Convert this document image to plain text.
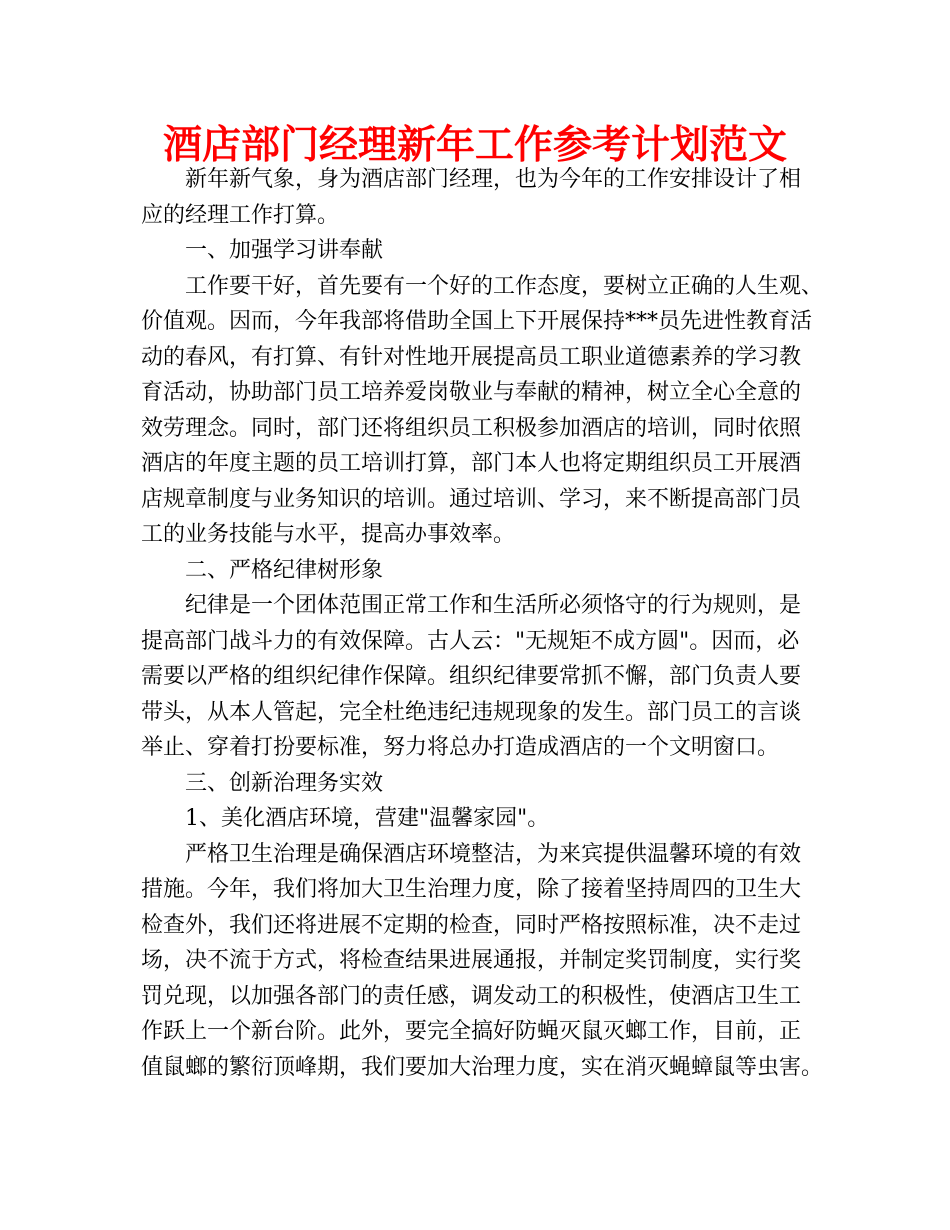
酒店部门经理新年工作参考计划范文
新年新气象，身为酒店部门经理，也为今年的工作安排设计了相
应的经理工作打算。
一、加强学习讲奉献
工作要干好，首先要有一个好的工作态度，要树立正确的人生观、
价值观。因而，今年我部将借助全国上下开展保持***员先进性教育活
动的春风，有打算、有针对性地开展提高员工职业道德素养的学习教
育活动，协助部门员工培养爱岗敬业与奉献的精神，树立全心全意的
效劳理念。同时，部门还将组织员工积极参加酒店的培训，同时依照
酒店的年度主题的员工培训打算，部门本人也将定期组织员工开展酒
店规章制度与业务知识的培训。通过培训、学习，来不断提高部门员
工的业务技能与水平，提高办事效率。
二、严格纪律树形象
纪律是一个团体范围正常工作和生活所必须恪守的行为规则，是
提高部门战斗力的有效保障。古人云："无规矩不成方圆"。因而，必
需要以严格的组织纪律作保障。组织纪律要常抓不懈，部门负责人要
带头，从本人管起，完全杜绝违纪违规现象的发生。部门员工的言谈
举止、穿着打扮要标准，努力将总办打造成酒店的一个文明窗口。
三、创新治理务实效
1、美化酒店环境，营建"温馨家园"。
严格卫生治理是确保酒店环境整洁，为来宾提供温馨环境的有效
措施。今年，我们将加大卫生治理力度，除了接着坚持周四的卫生大
检查外，我们还将进展不定期的检查，同时严格按照标准，决不走过
场，决不流于方式，将检查结果进展通报，并制定奖罚制度，实行奖
罚兑现，以加强各部门的责任感，调发动工的积极性，使酒店卫生工
作跃上一个新台阶。此外，要完全搞好防蝇灭鼠灭螂工作，目前，正
值鼠螂的繁衍顶峰期，我们要加大治理力度，实在消灭蝇蟑鼠等虫害。
